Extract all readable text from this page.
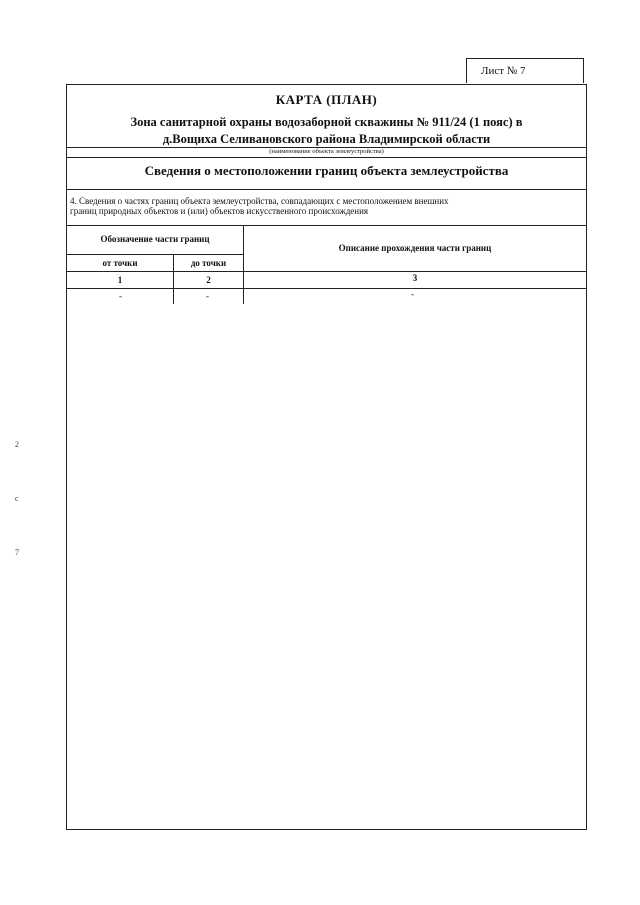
Лист № 7
КАРТА (ПЛАН)
Зона санитарной охраны водозаборной скважины № 911/24 (1 пояс) в
д.Вощиха Селивановского района Владимирской области
(наименование объекта землеустройства)
Сведения о местоположении границ объекта землеустройства
4. Сведения о частях границ объекта землеустройства, совпадающих с местоположением внешних
границ природных объектов и (или) объектов искусственного происхождения
Обозначение части границ
Описание прохождения части границ
от точки	до точки
1	2	3
-	-	-
2
с
7
